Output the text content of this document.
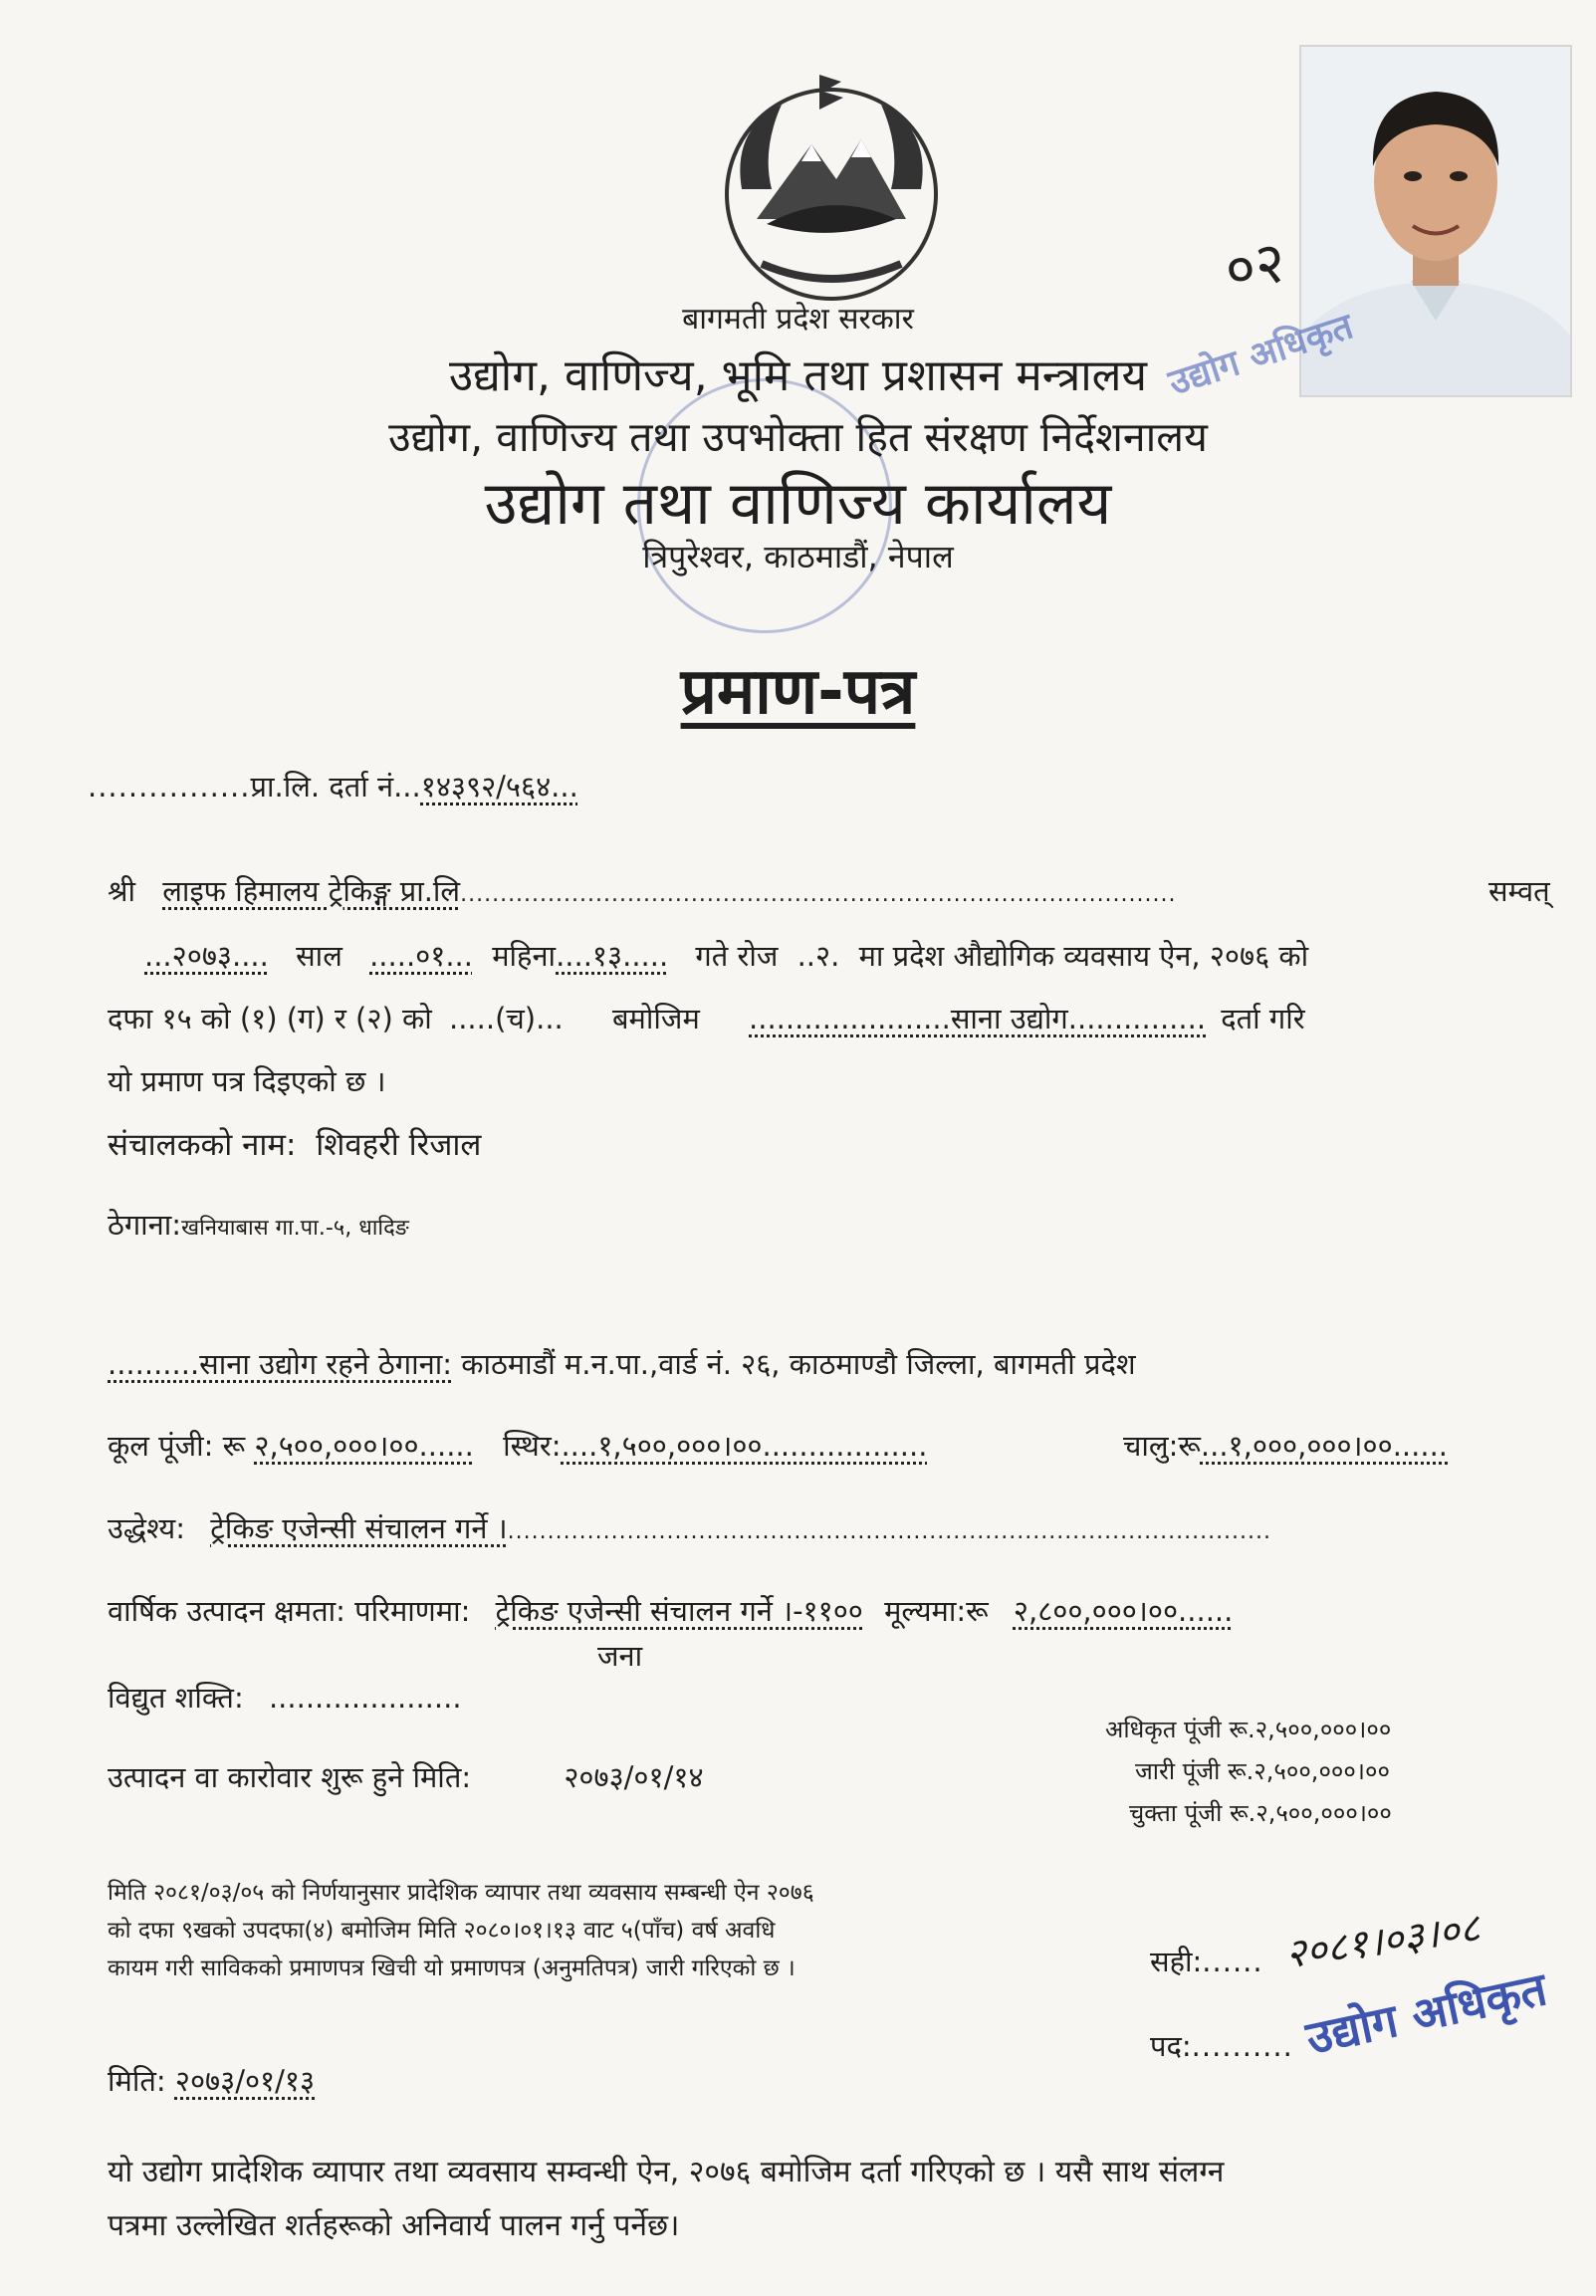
उद्योग अधिकृत
०२
बागमती प्रदेश सरकार
उद्योग, वाणिज्य, भूमि तथा प्रशासन मन्त्रालय
उद्योग, वाणिज्य तथा उपभोक्ता हित संरक्षण निर्देशनालय
उद्योग तथा वाणिज्य कार्यालय
त्रिपुरेश्वर, काठमाडौं, नेपाल
प्रमाण-पत्र
................प्रा.लि. दर्ता नं...१४३९२/५६४...
श्री लाइफ हिमालय ट्रेकिङ्ग प्रा.लि..........................................................................................	सम्वत्
...२०७३.... साल .....०१... महिना....१३..... गते रोज ..२. मा प्रदेश औद्योगिक व्यवसाय ऐन, २०७६ को
दफा १५ को (१) (ग) र (२) को .....(च)... बमोजिम ......................साना उद्योग............... दर्ता गरि
यो प्रमाण पत्र दिइएको छ ।
संचालकको नाम: शिवहरी रिजाल
ठेगाना:खनियाबास गा.पा.-५, धादिङ
..........साना उद्योग रहने ठेगाना: काठमाडौं म.न.पा.,वार्ड नं. २६, काठमाण्डौ जिल्ला, बागमती प्रदेश
कूल पूंजी: रू २,५००,०००।००...... स्थिर:....१,५००,०००।००..................	चालु:रू...१,०००,०००।००......
उद्धेश्य: ट्रेकिङ एजेन्सी संचालन गर्ने ।................................................................................................
वार्षिक उत्पादन क्षमता: परिमाणमा: ट्रेकिङ एजेन्सी संचालन गर्ने ।-११०० मूल्यमा:रू २,८००,०००।००......
जना
विद्युत शक्ति: .....................
उत्पादन वा कारोवार शुरू हुने मिति:	२०७३/०१/१४
अधिकृत पूंजी रू.२,५००,०००।००
जारी पूंजी रू.२,५००,०००।००
चुक्ता पूंजी रू.२,५००,०००।००
मिति २०८१/०३/०५ को निर्णयानुसार प्रादेशिक व्यापार तथा व्यवसाय सम्बन्धी ऐन २०७६
को दफा ९खको उपदफा(४) बमोजिम मिति २०८०।०१।१३ वाट ५(पाँच) वर्ष अवधि
कायम गरी साविकको प्रमाणपत्र खिची यो प्रमाणपत्र (अनुमतिपत्र) जारी गरिएको छ ।	सही:...... २०८१।०३।०८
पद:.......... उद्योग अधिकृत
मिति: २०७३/०१/१३
यो उद्योग प्रादेशिक व्यापार तथा व्यवसाय सम्वन्धी ऐन, २०७६ बमोजिम दर्ता गरिएको छ । यसै साथ संलग्न
पत्रमा उल्लेखित शर्तहरूको अनिवार्य पालन गर्नु पर्नेछ।
